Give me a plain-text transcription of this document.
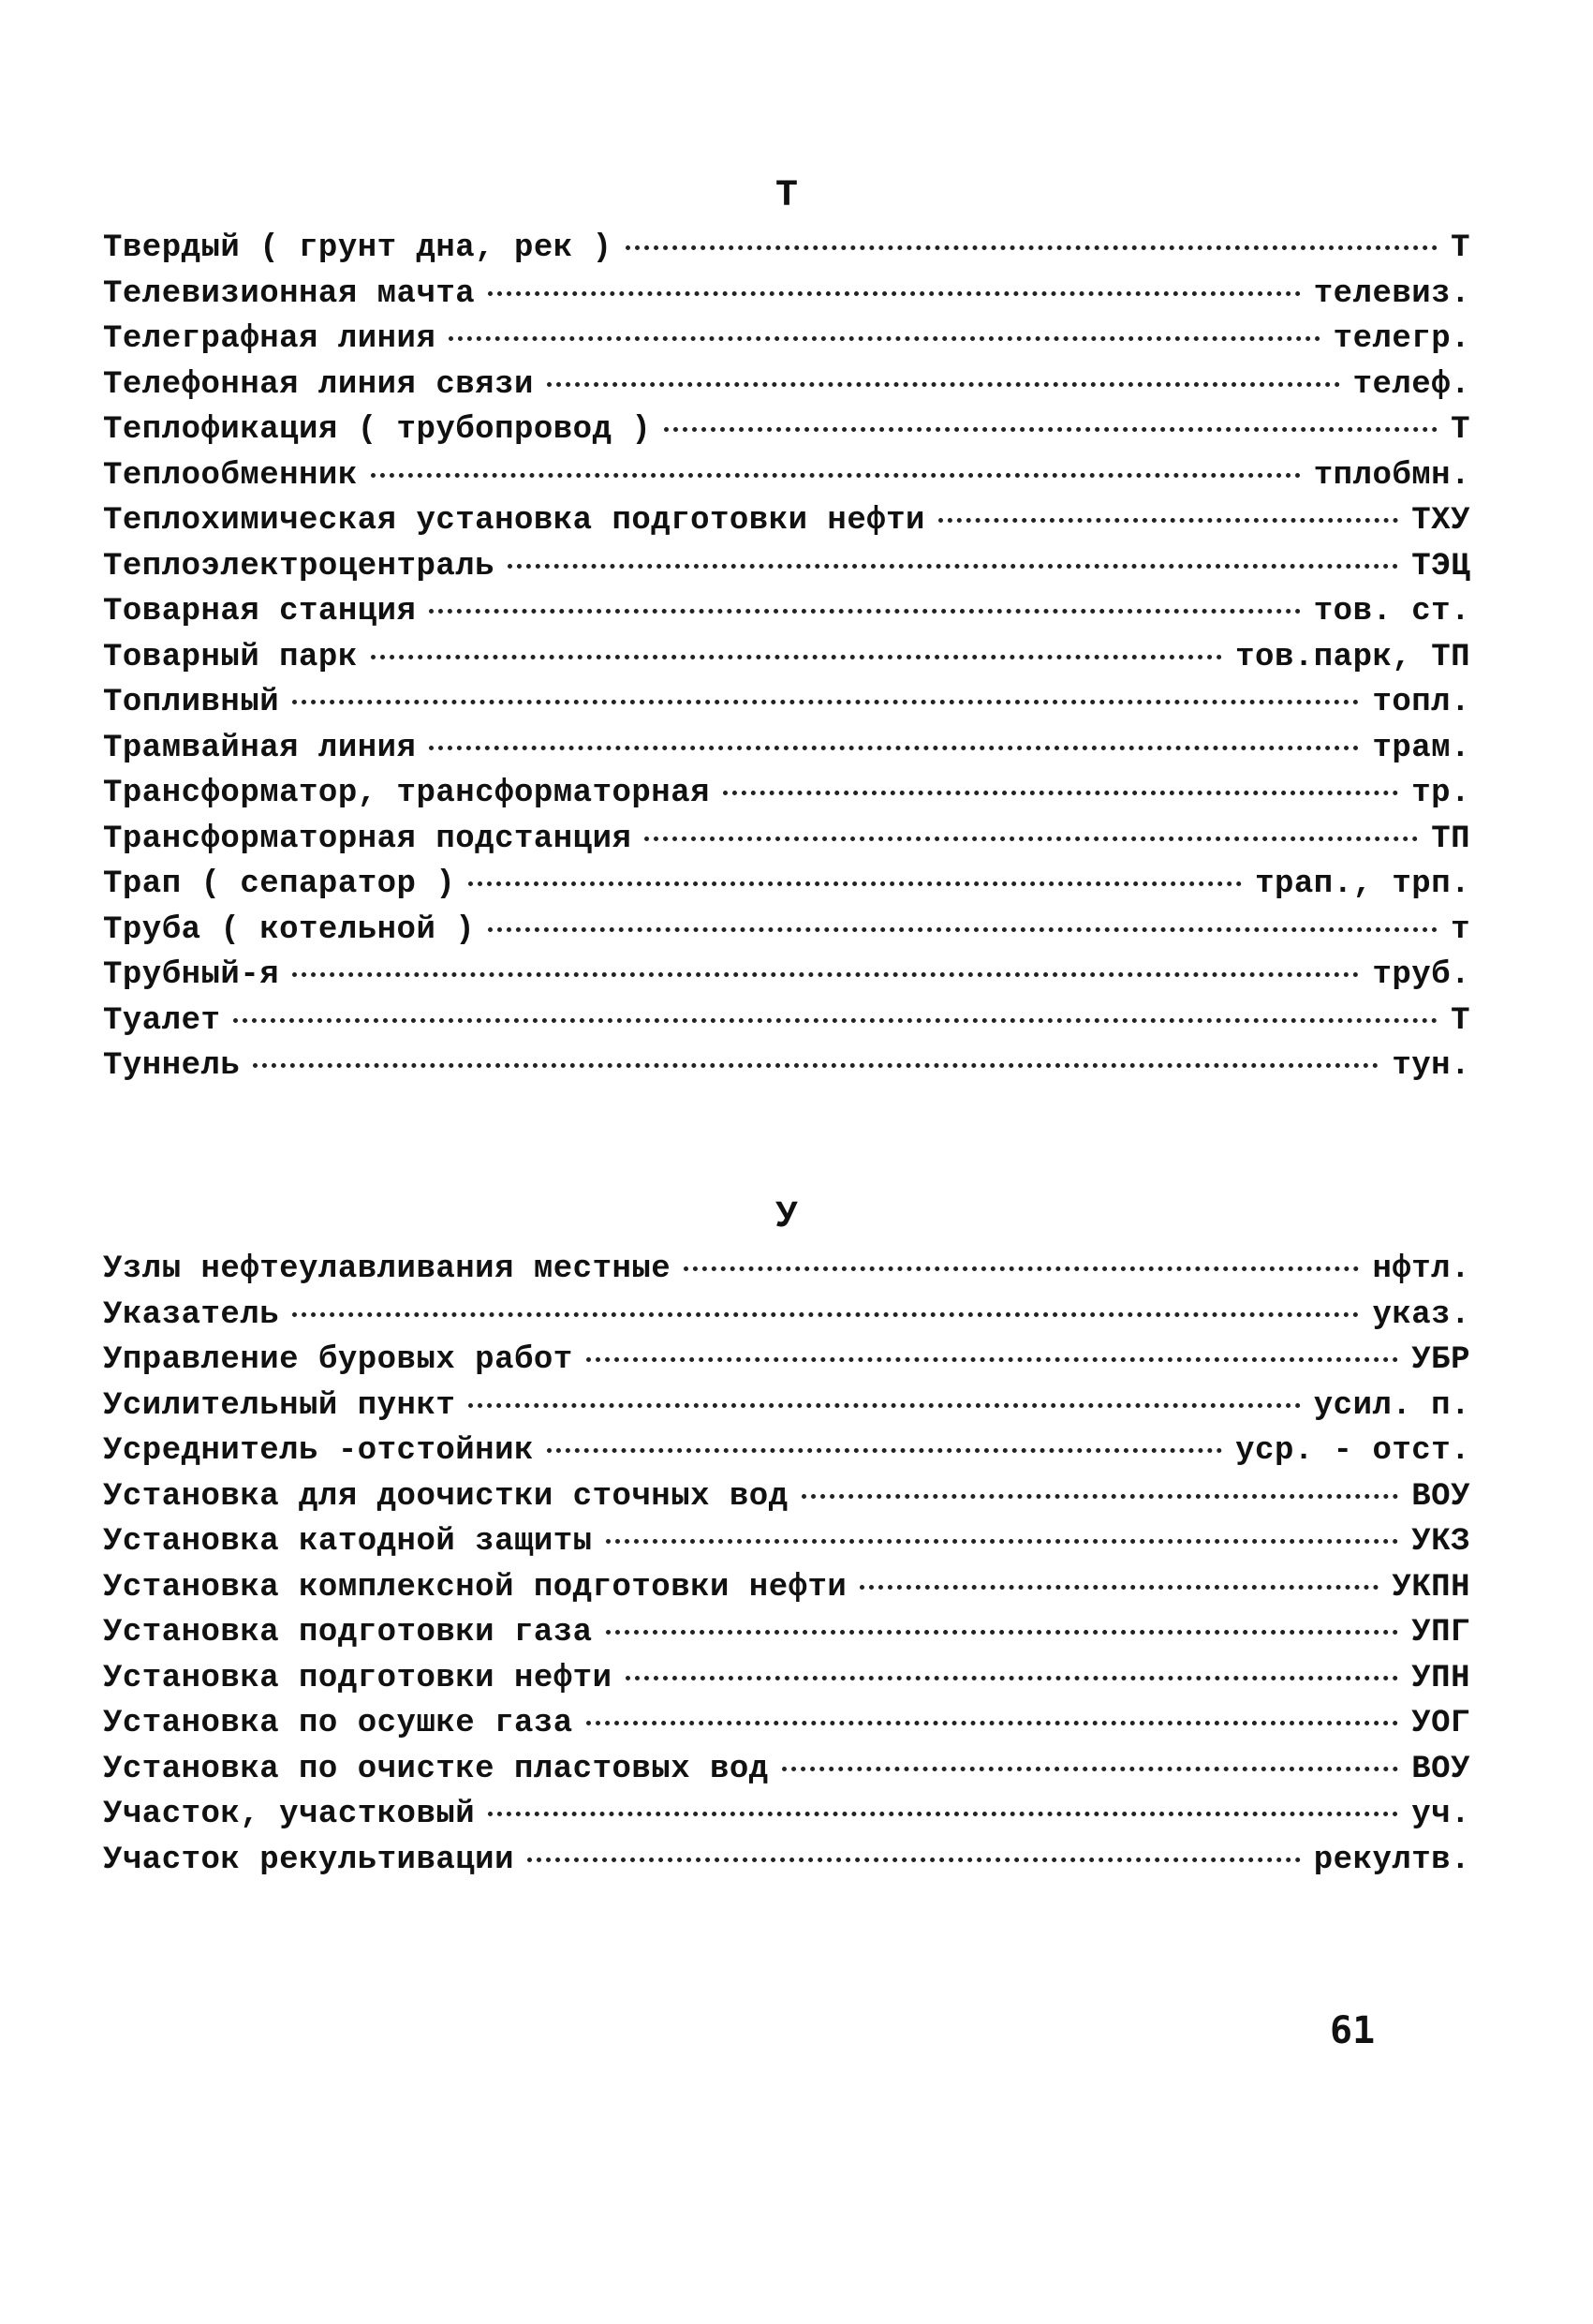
Т
Твердый ( грунт дна, рек )	Т
Телевизионная мачта	телевиз.
Телеграфная линия	телегр.
Телефонная линия связи	телеф.
Теплофикация ( трубопровод )	Т
Теплообменник	тплобмн.
Теплохимическая установка подготовки нефти	ТХУ
Теплоэлектроцентраль	ТЭЦ
Товарная станция	тов. ст.
Товарный парк	тов.парк, ТП
Топливный	топл.
Трамвайная линия	трам.
Трансформатор, трансформаторная	тр.
Трансформаторная подстанция	ТП
Трап ( сепаратор )	трап., трп.
Труба ( котельной )	т
Трубный-я	труб.
Туалет	Т
Туннель	тун.
У
Узлы нефтеулавливания местные	нфтл.
Указатель	указ.
Управление буровых работ	УБР
Усилительный пункт	усил. п.
Усреднитель -отстойник	уср. - отст.
Установка для доочистки сточных вод	ВОУ
Установка катодной защиты	УКЗ
Установка комплексной подготовки нефти	УКПН
Установка подготовки газа	УПГ
Установка подготовки нефти	УПН
Установка по осушке газа	УОГ
Установка по очистке пластовых вод	ВОУ
Участок, участковый	уч.
Участок рекультивации	рекултв.
61
